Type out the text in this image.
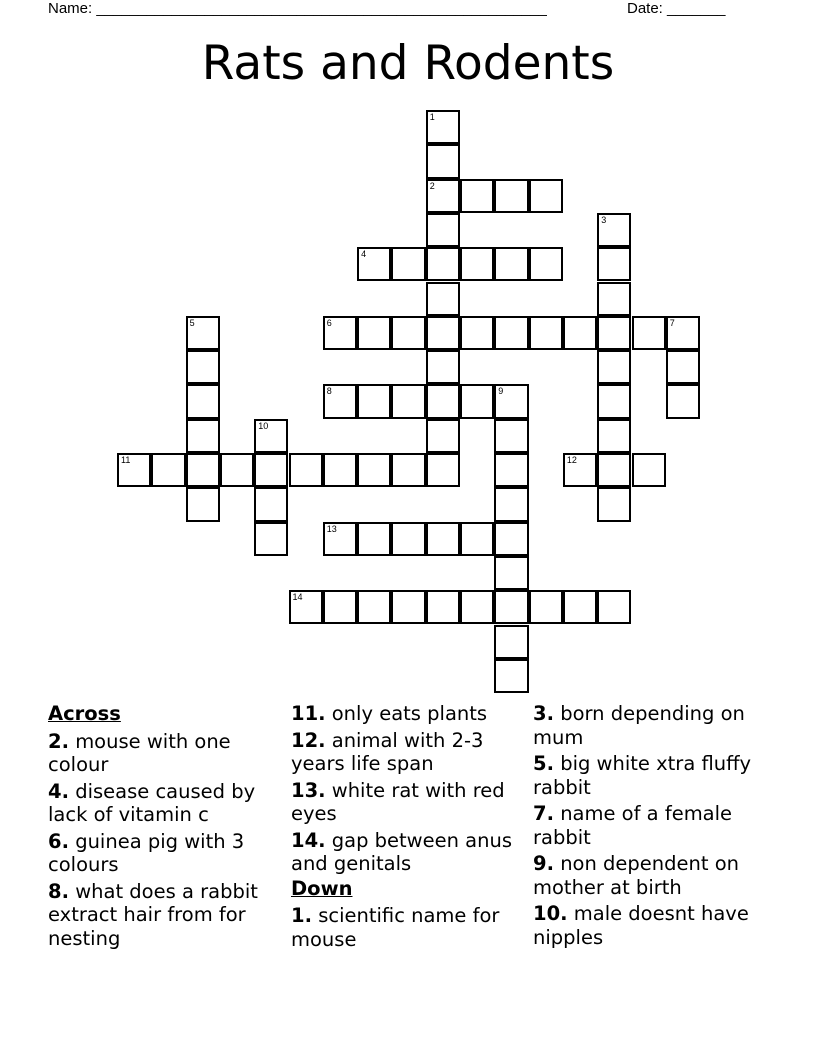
Name: ______________________________________________________	Date: _______
Rats and Rodents
1
2
3
4
5	6	7
8	9
10
11	12
13
14
Across
2. mouse with one colour
4. disease caused by lack of vitamin c
6. guinea pig with 3 colours
8. what does a rabbit extract hair from for nesting
11. only eats plants
12. animal with 2-3 years life span
13. white rat with red eyes
14. gap between anus and genitals
Down
1. scientific name for mouse
3. born depending on mum
5. big white xtra fluffy rabbit
7. name of a female rabbit
9. non dependent on mother at birth
10. male doesnt have nipples
